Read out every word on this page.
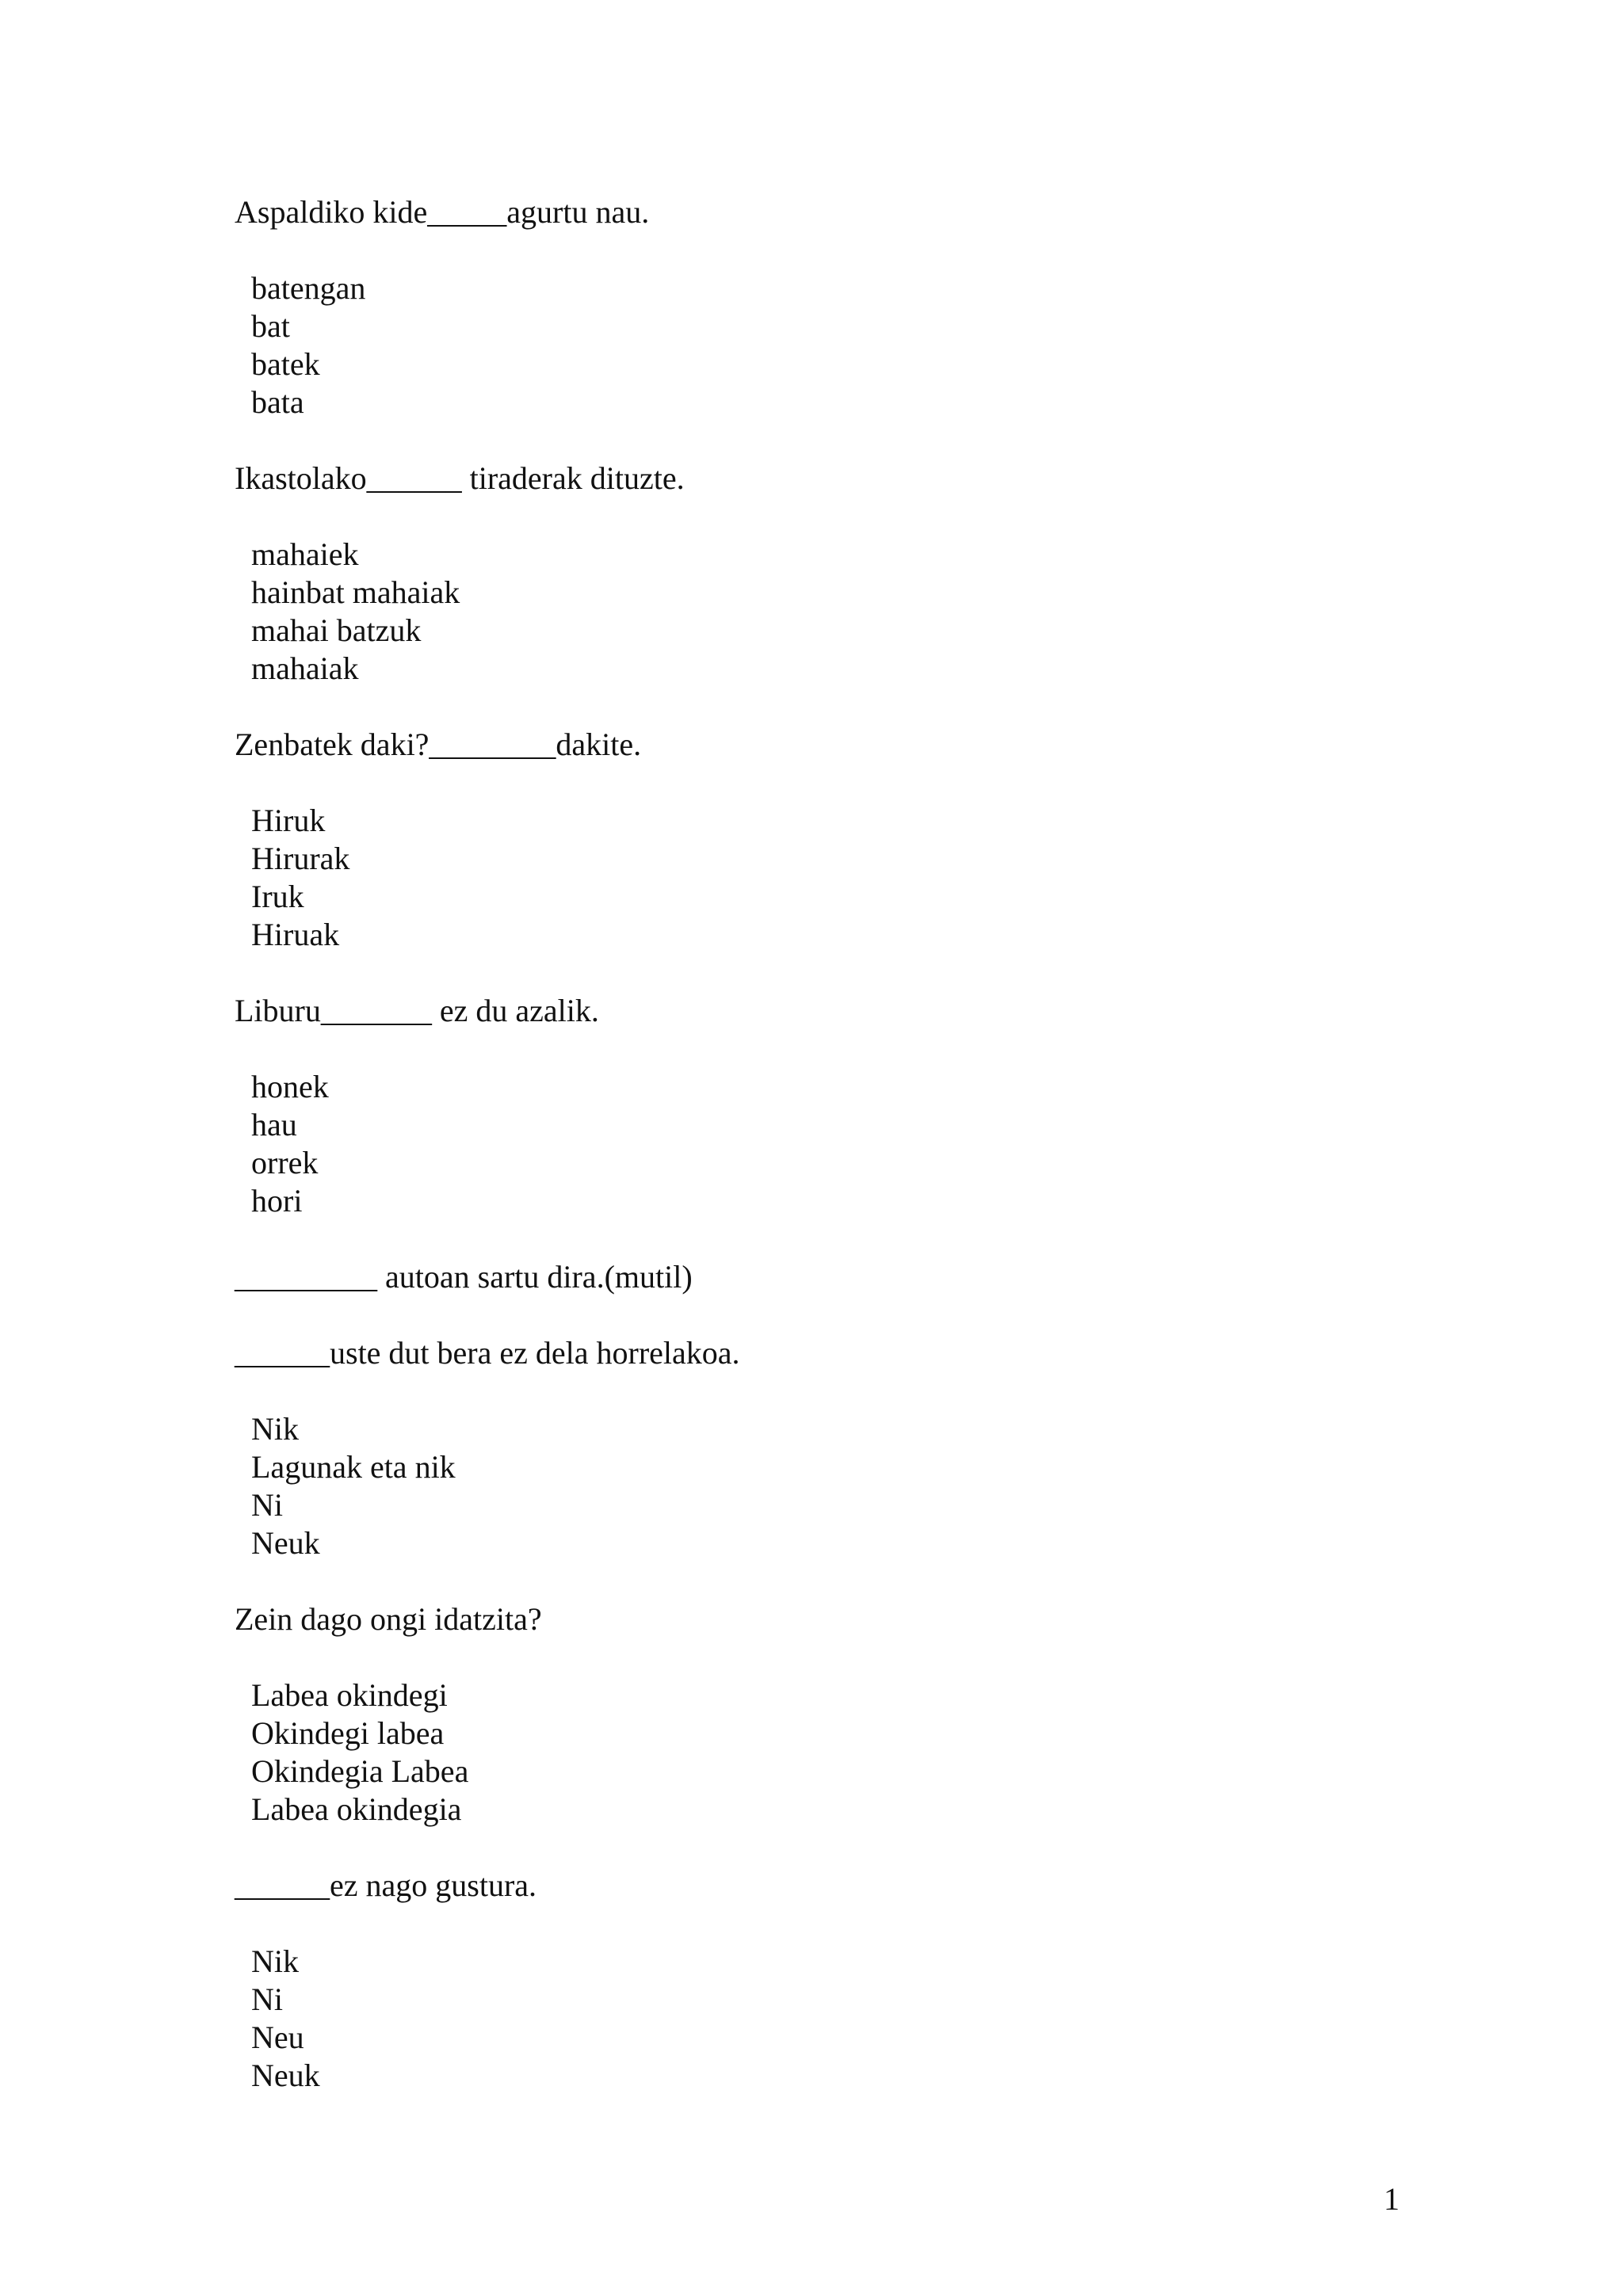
Aspaldiko kide_____agurtu nau.

batengan
bat
batek
bata

Ikastolako______ tiraderak dituzte.

mahaiek
hainbat mahaiak
mahai batzuk
mahaiak

Zenbatek daki?________dakite.

Hiruk
Hirurak
Iruk
Hiruak

Liburu_______ ez du azalik.

honek
hau
orrek
hori

_________ autoan sartu dira.(mutil)

______uste dut bera ez dela horrelakoa.

Nik
Lagunak eta nik
Ni
Neuk

Zein dago ongi idatzita?

Labea okindegi
Okindegi labea
Okindegia Labea
Labea okindegia

______ez nago gustura.

Nik
Ni
Neu
Neuk
1
